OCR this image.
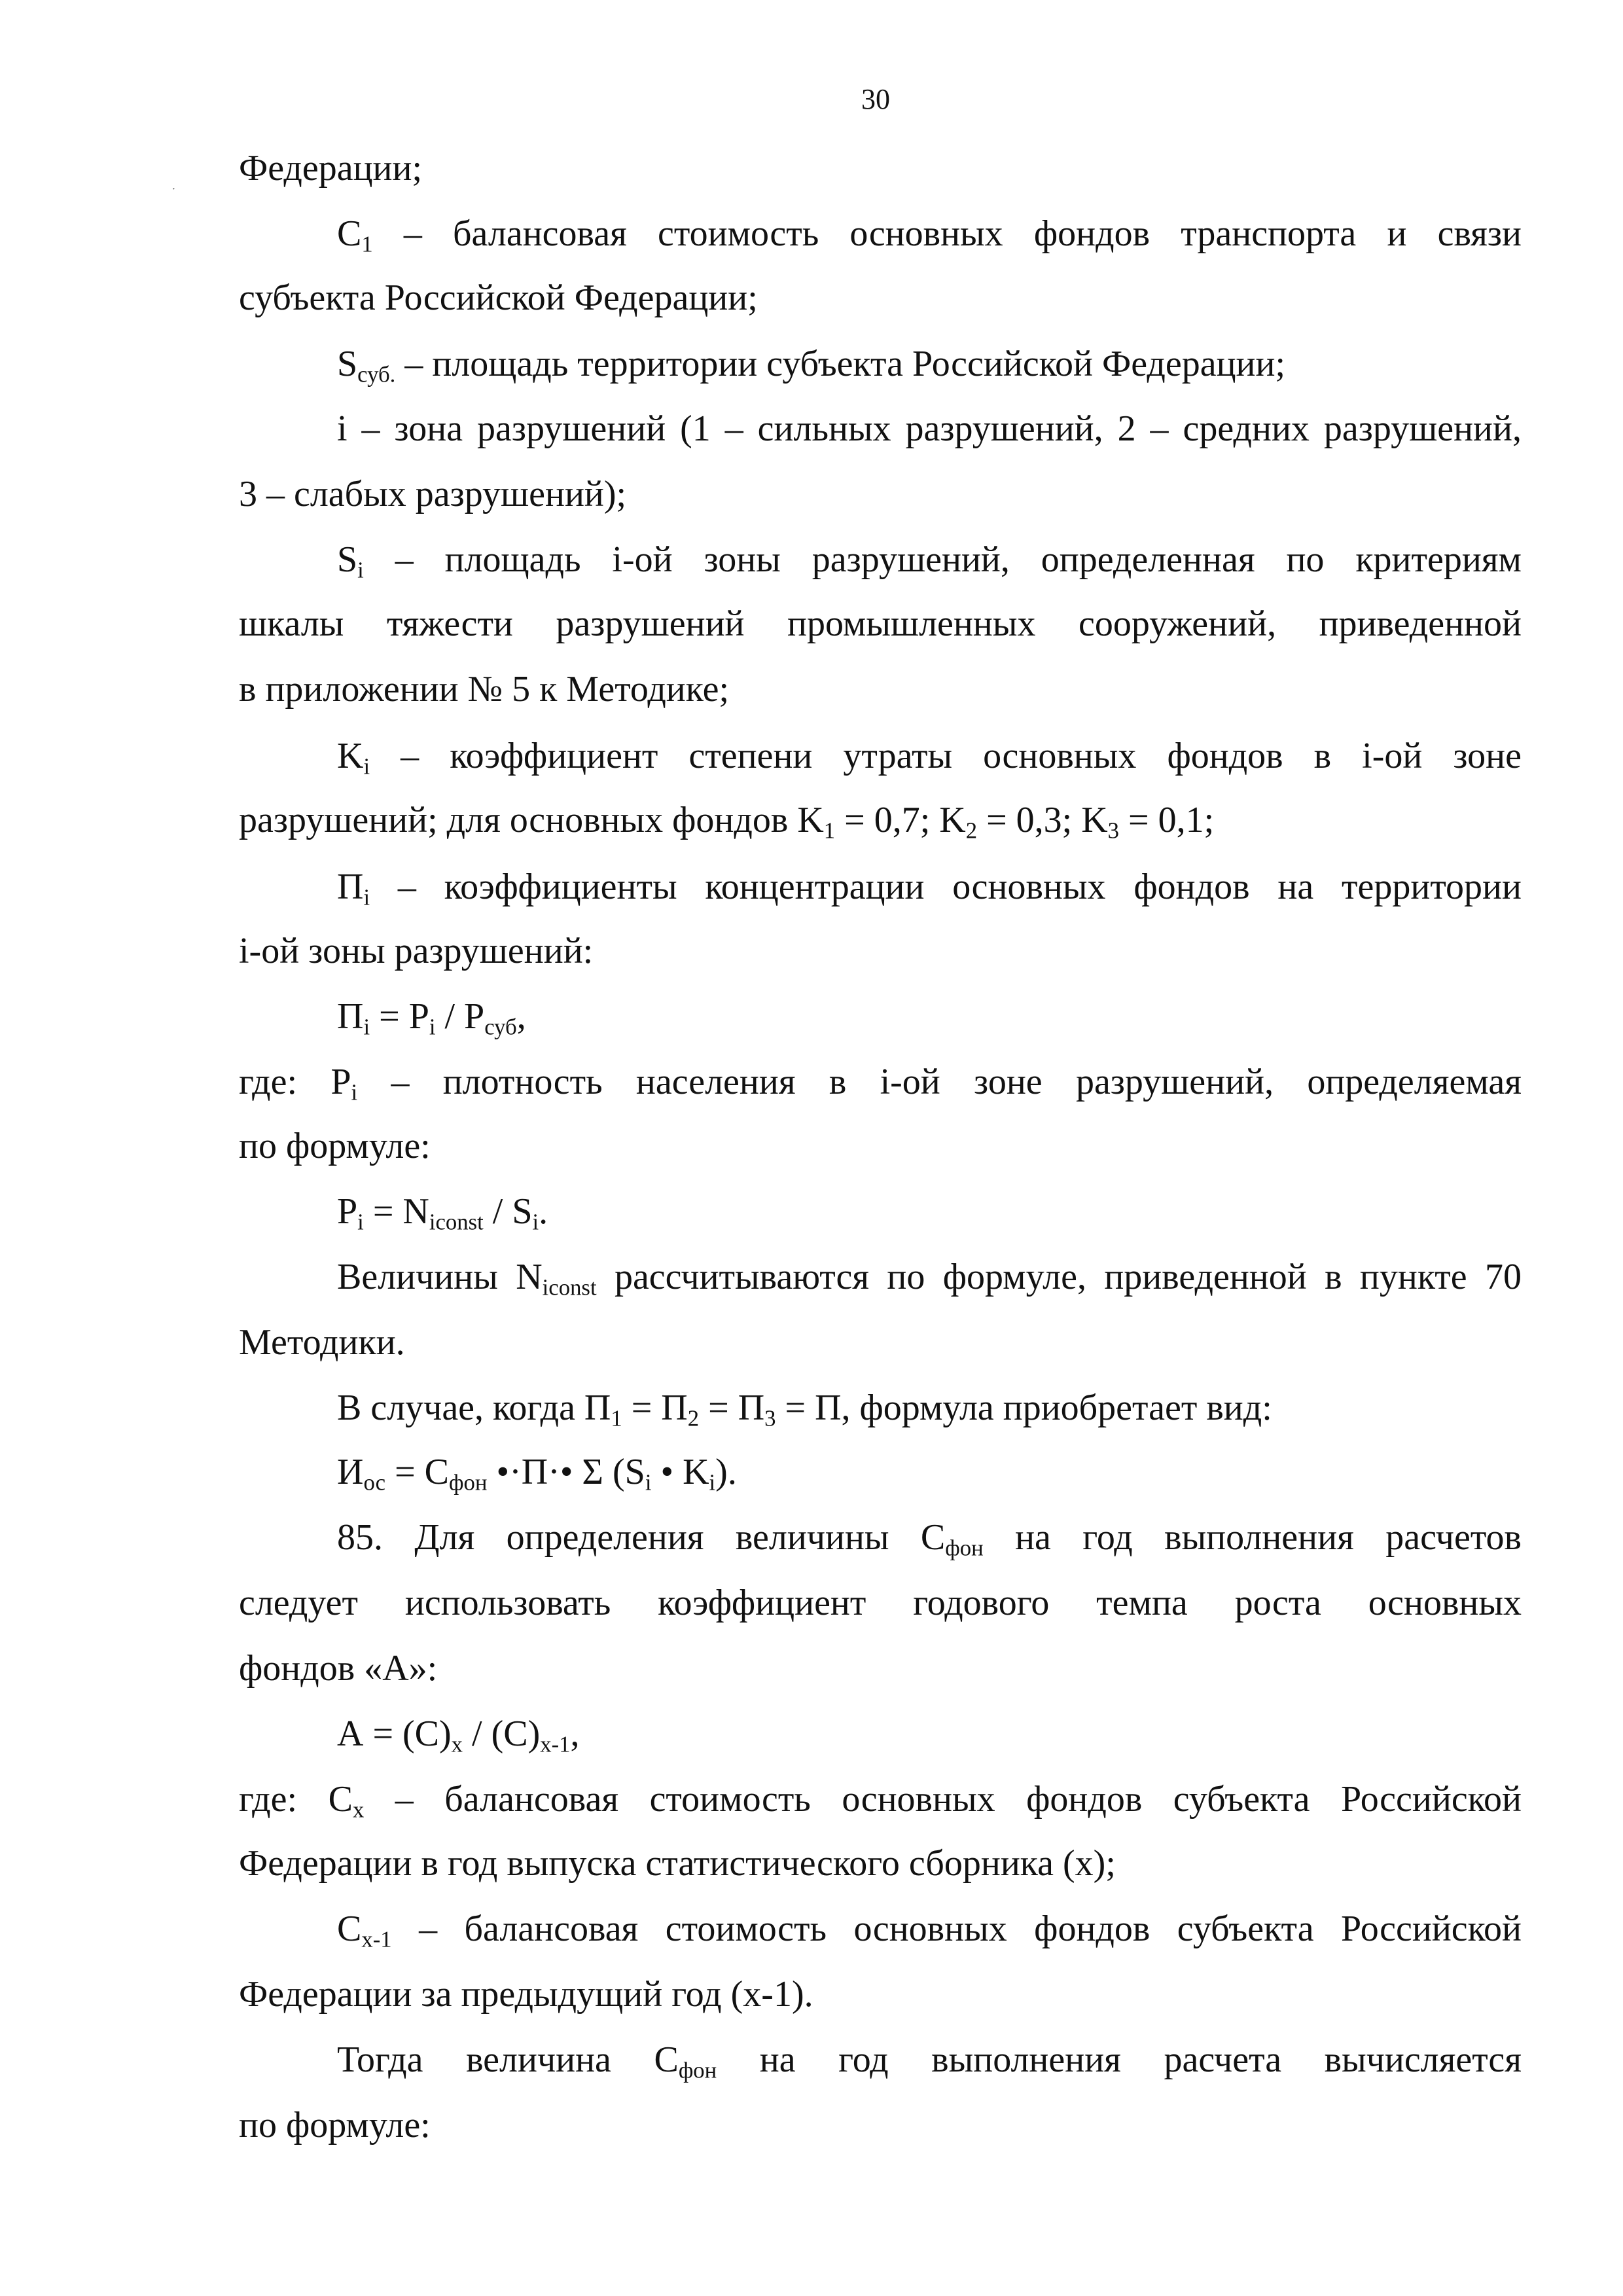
30
·
Федерации;
$С_1$ – балансовая стоимость основных фондов транспорта и связи
субъекта Российской Федерации;
$S_{суб.}$ – площадь территории субъекта Российской Федерации;
i – зона разрушений (1 – сильных разрушений, 2 – средних разрушений,
3 – слабых разрушений);
$S_i$ – площадь i-ой зоны разрушений, определенная по критериям
шкалы тяжести разрушений промышленных сооружений, приведенной
в приложении № 5 к Методике;
$K_i$ – коэффициент степени утраты основных фондов в i-ой зоне
разрушений; для основных фондов $K_1 = 0,7$; $K_2 = 0,3$; $K_3 = 0,1$;
$П_i$ – коэффициенты концентрации основных фондов на территории
i-ой зоны разрушений:
$П_i = P_i / P_{суб}$,
где: $P_i$ – плотность населения в i-ой зоне разрушений, определяемая
по формуле:
$P_i = N_{iconst} / S_i$.
Величины $N_{iconst}$ рассчитываются по формуле, приведенной в пункте 70
Методики.
В случае, когда $П_1 = П_2 = П_3 = П$, формула приобретает вид:
$И_{ос} = С_{фон}$ •·П·• Σ ($S_i$ • $K_i$).
85. Для определения величины $С_{фон}$ на год выполнения расчетов
следует использовать коэффициент годового темпа роста основных
фондов «А»:
$А = (С)_x / (С)_{x-1}$,
где: $С_x$ – балансовая стоимость основных фондов субъекта Российской
Федерации в год выпуска статистического сборника (x);
$С_{x-1}$ – балансовая стоимость основных фондов субъекта Российской
Федерации за предыдущий год (x-1).
Тогда величина $С_{фон}$ на год выполнения расчета вычисляется
по формуле:
